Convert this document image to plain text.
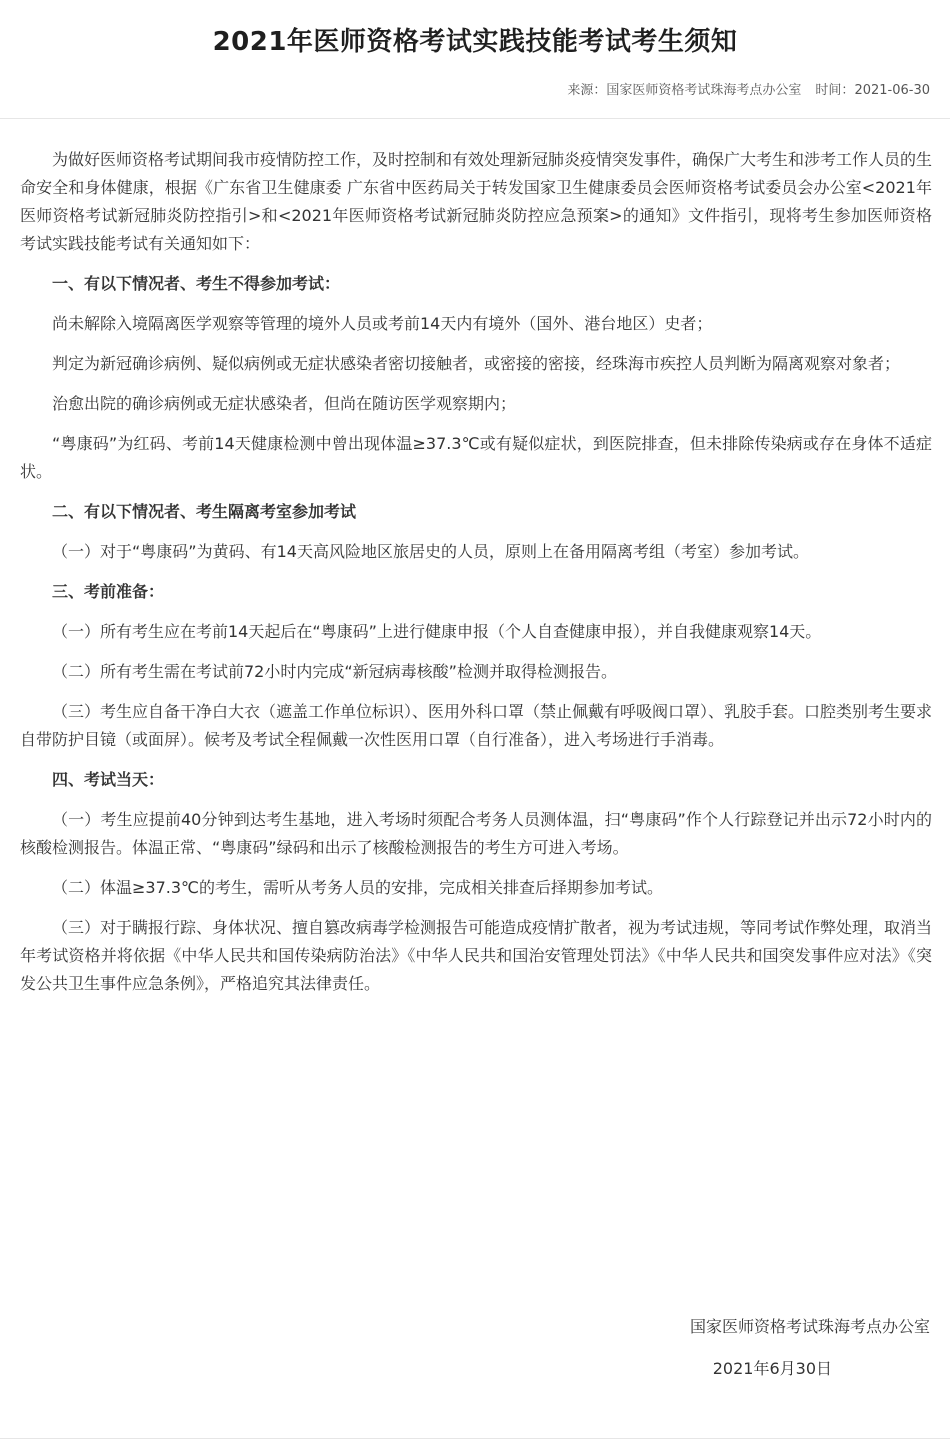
2021年医师资格考试实践技能考试考生须知
来源：国家医师资格考试珠海考点办公室 时间：2021-06-30

为做好医师资格考试期间我市疫情防控工作，及时控制和有效处理新冠肺炎疫情突发事件，确保广大考生和涉考工作人员的生命安全和身体健康，根据《广东省卫生健康委 广东省中医药局关于转发国家卫生健康委员会医师资格考试委员会办公室<2021年医师资格考试新冠肺炎防控指引>和<2021年医师资格考试新冠肺炎防控应急预案>的通知》文件指引，现将考生参加医师资格考试实践技能考试有关通知如下：

一、有以下情况者、考生不得参加考试：

尚未解除入境隔离医学观察等管理的境外人员或考前14天内有境外（国外、港台地区）史者；

判定为新冠确诊病例、疑似病例或无症状感染者密切接触者，或密接的密接，经珠海市疾控人员判断为隔离观察对象者；

治愈出院的确诊病例或无症状感染者，但尚在随访医学观察期内；

“粤康码”为红码、考前14天健康检测中曾出现体温≥37.3℃或有疑似症状，到医院排查，但未排除传染病或存在身体不适症状。

二、有以下情况者、考生隔离考室参加考试

（一）对于“粤康码”为黄码、有14天高风险地区旅居史的人员，原则上在备用隔离考组（考室）参加考试。

三、考前准备：

（一）所有考生应在考前14天起后在“粤康码”上进行健康申报（个人自查健康申报），并自我健康观察14天。

（二）所有考生需在考试前72小时内完成“新冠病毒核酸”检测并取得检测报告。

（三）考生应自备干净白大衣（遮盖工作单位标识）、医用外科口罩（禁止佩戴有呼吸阀口罩）、乳胶手套。口腔类别考生要求自带防护目镜（或面屏）。候考及考试全程佩戴一次性医用口罩（自行准备），进入考场进行手消毒。

四、考试当天：

（一）考生应提前40分钟到达考生基地，进入考场时须配合考务人员测体温，扫“粤康码”作个人行踪登记并出示72小时内的核酸检测报告。体温正常、“粤康码”绿码和出示了核酸检测报告的考生方可进入考场。

（二）体温≥37.3℃的考生，需听从考务人员的安排，完成相关排查后择期参加考试。

（三）对于瞒报行踪、身体状况、擅自篡改病毒学检测报告可能造成疫情扩散者，视为考试违规，等同考试作弊处理，取消当年考试资格并将依据《中华人民共和国传染病防治法》《中华人民共和国治安管理处罚法》《中华人民共和国突发事件应对法》《突发公共卫生事件应急条例》，严格追究其法律责任。

国家医师资格考试珠海考点办公室

2021年6月30日
